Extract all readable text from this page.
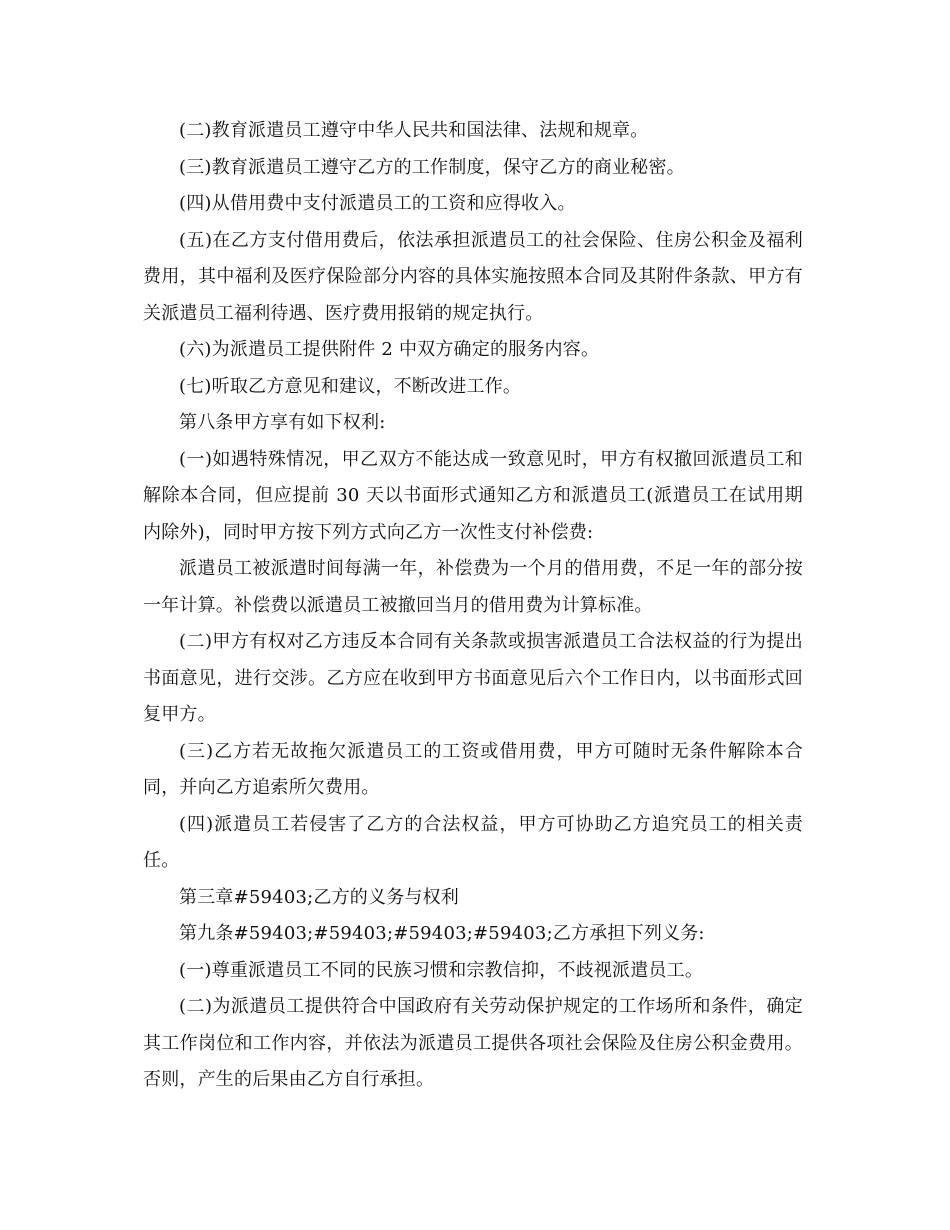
(二)教育派遣员工遵守中华人民共和国法律、法规和规章。

(三)教育派遣员工遵守乙方的工作制度，保守乙方的商业秘密。

(四)从借用费中支付派遣员工的工资和应得收入。

(五)在乙方支付借用费后，依法承担派遣员工的社会保险、住房公积金及福利费用，其中福利及医疗保险部分内容的具体实施按照本合同及其附件条款、甲方有关派遣员工福利待遇、医疗费用报销的规定执行。

(六)为派遣员工提供附件 2 中双方确定的服务内容。

(七)听取乙方意见和建议，不断改进工作。

第八条甲方享有如下权利:

(一)如遇特殊情况，甲乙双方不能达成一致意见时，甲方有权撤回派遣员工和解除本合同，但应提前 30 天以书面形式通知乙方和派遣员工(派遣员工在试用期内除外)，同时甲方按下列方式向乙方一次性支付补偿费:

派遣员工被派遣时间每满一年，补偿费为一个月的借用费，不足一年的部分按一年计算。补偿费以派遣员工被撤回当月的借用费为计算标准。

(二)甲方有权对乙方违反本合同有关条款或损害派遣员工合法权益的行为提出书面意见，进行交涉。乙方应在收到甲方书面意见后六个工作日内，以书面形式回复甲方。

(三)乙方若无故拖欠派遣员工的工资或借用费，甲方可随时无条件解除本合同，并向乙方追索所欠费用。

(四)派遣员工若侵害了乙方的合法权益，甲方可协助乙方追究员工的相关责任。

第三章#59403;乙方的义务与权利

第九条#59403;#59403;#59403;#59403;乙方承担下列义务:

(一)尊重派遣员工不同的民族习惯和宗教信抑，不歧视派遣员工。

(二)为派遣员工提供符合中国政府有关劳动保护规定的工作场所和条件，确定其工作岗位和工作内容，并依法为派遣员工提供各项社会保险及住房公积金费用。否则，产生的后果由乙方自行承担。
